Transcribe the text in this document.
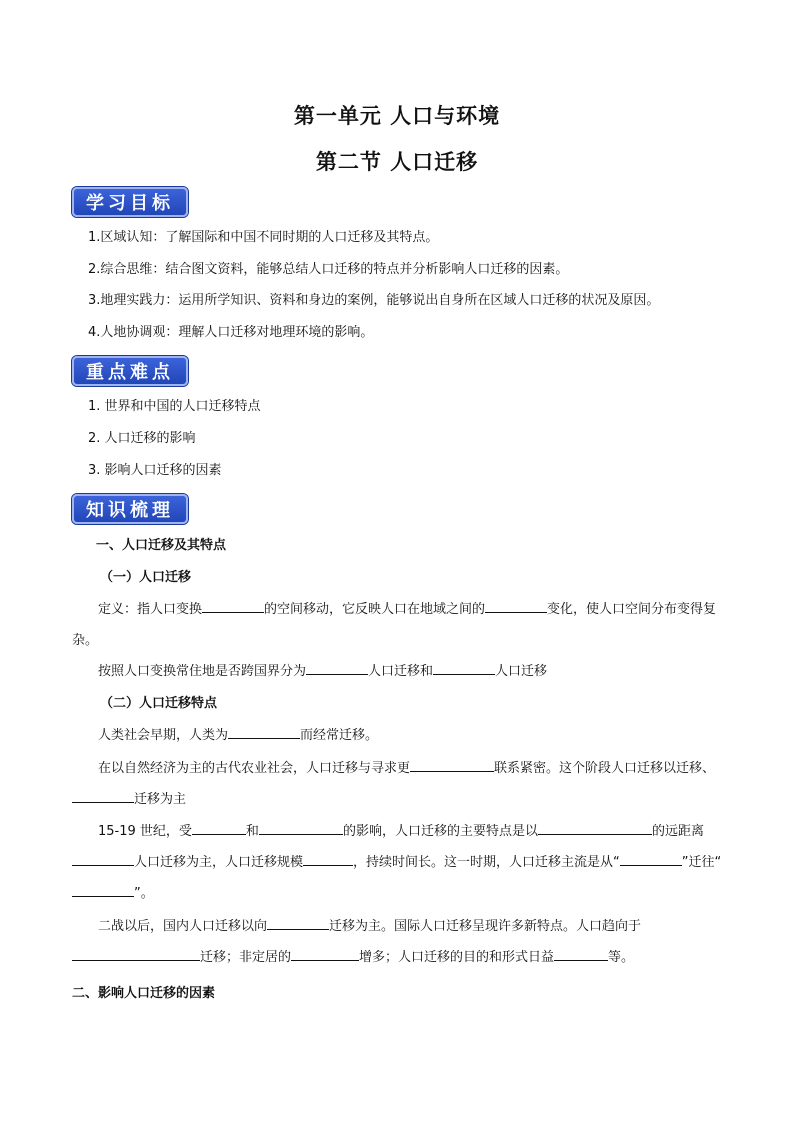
第一单元 人口与环境
第二节 人口迁移
学习目标
1.区域认知：了解国际和中国不同时期的人口迁移及其特点。
2.综合思维：结合图文资料，能够总结人口迁移的特点并分析影响人口迁移的因素。
3.地理实践力：运用所学知识、资料和身边的案例，能够说出自身所在区域人口迁移的状况及原因。
4.人地协调观：理解人口迁移对地理环境的影响。
重点难点
1. 世界和中国的人口迁移特点
2. 人口迁移的影响
3. 影响人口迁移的因素
知识梳理
一、人口迁移及其特点
（一）人口迁移
定义：指人口变换	的空间移动，它反映人口在地域之间的	变化，使人口空间分布变得复杂。
按照人口变换常住地是否跨国界分为	人口迁移和	人口迁移
（二）人口迁移特点
人类社会早期，人类为	而经常迁移。
在以自然经济为主的古代农业社会，人口迁移与寻求更	联系紧密。这个阶段人口迁移以迁移、迁移为主
15-19 世纪，受	和	的影响，人口迁移的主要特点是以	的远距离人口迁移为主，人口迁移规模	，持续时间长。这一时期，人口迁移主流是从“	”迁往“”。
二战以后，国内人口迁移以向	迁移为主。国际人口迁移呈现许多新特点。人口趋向于迁移；非定居的	增多；人口迁移的目的和形式日益	等。
二、影响人口迁移的因素
